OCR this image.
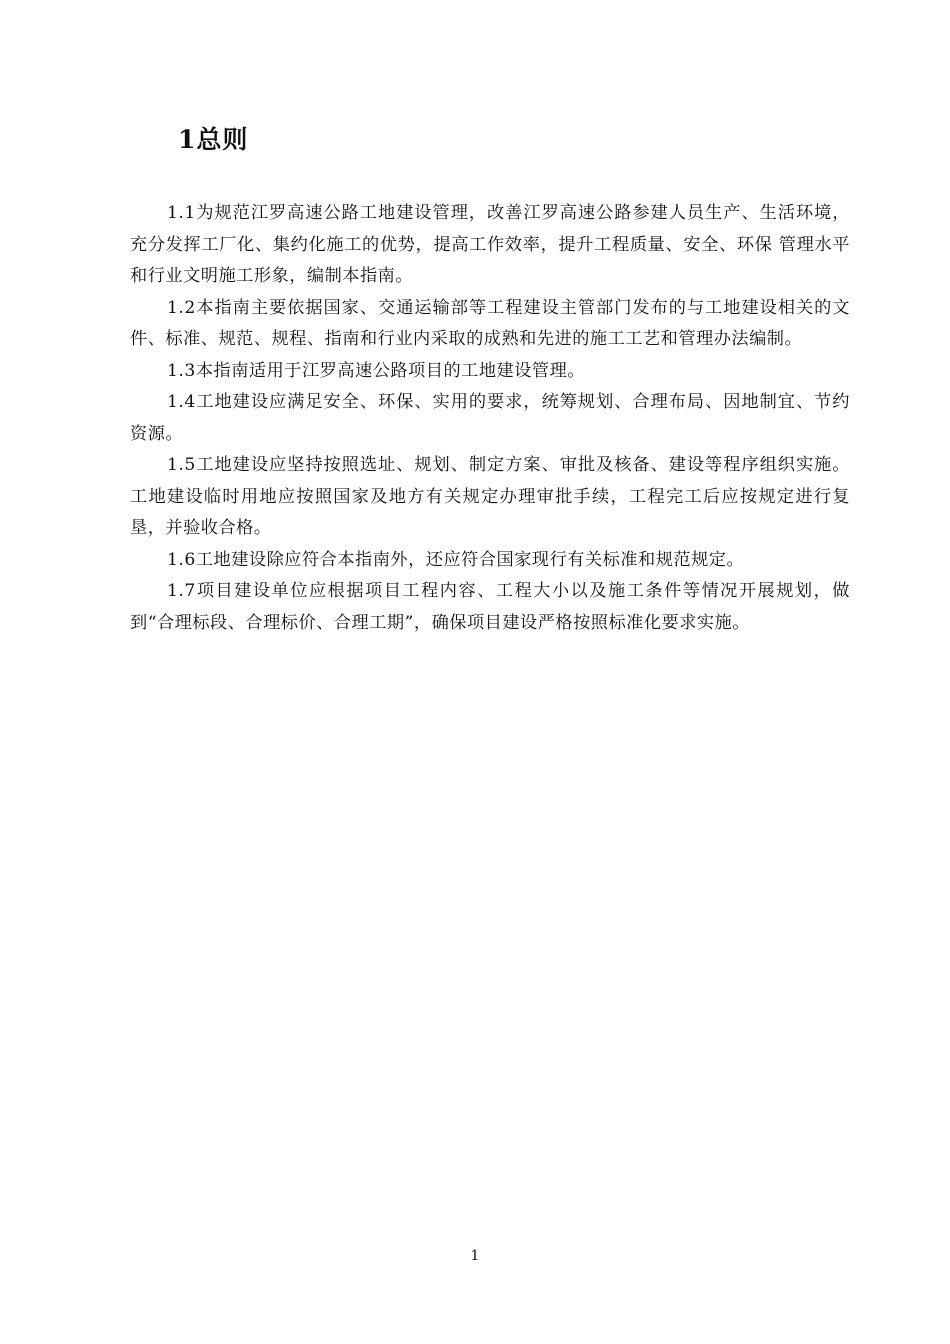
1总则

1.1为规范江罗高速公路工地建设管理，改善江罗高速公路参建人员生产、生活环境， 充分发挥工厂化、集约化施工的优势，提高工作效率，提升工程质量、安全、环保 管理水平和行业文明施工形象，编制本指南。

1.2本指南主要依据国家、交通运输部等工程建设主管部门发布的与工地建设相关的文件、标准、规范、规程、指南和行业内采取的成熟和先进的施工工艺和管理办法编制。

1.3本指南适用于江罗高速公路项目的工地建设管理。

1.4工地建设应满足安全、环保、实用的要求，统筹规划、合理布局、因地制宜、节约资源。

1.5工地建设应坚持按照选址、规划、制定方案、审批及核备、建设等程序组织实施。工地建设临时用地应按照国家及地方有关规定办理审批手续，工程完工后应按规定进行复垦，并验收合格。

1.6工地建设除应符合本指南外，还应符合国家现行有关标准和规范规定。

1.7项目建设单位应根据项目工程内容、工程大小以及施工条件等情况开展规划，做到“合理标段、合理标价、合理工期”，确保项目建设严格按照标准化要求实施。

1
